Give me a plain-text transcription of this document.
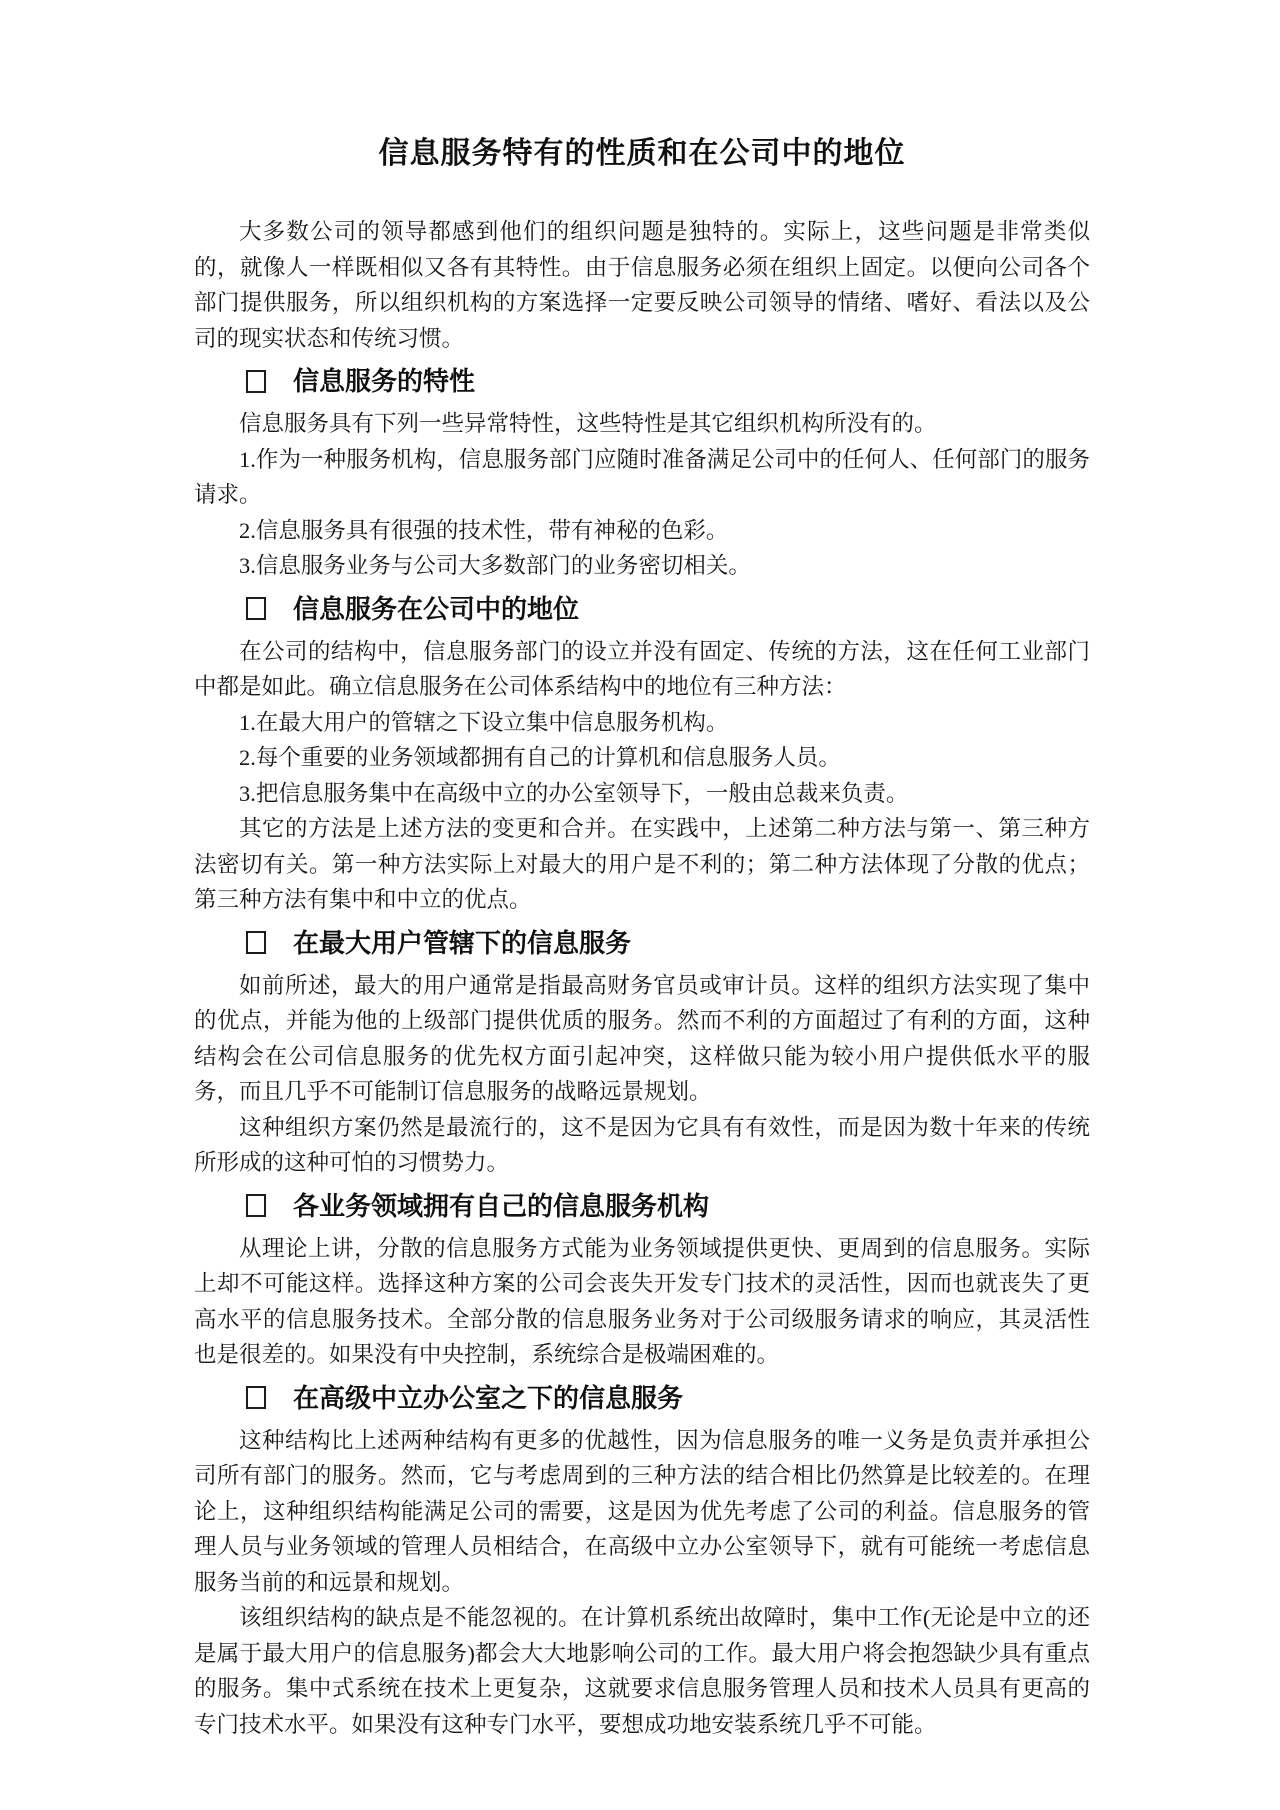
信息服务特有的性质和在公司中的地位

大多数公司的领导都感到他们的组织问题是独特的。实际上，这些问题是非常类似的，就像人一样既相似又各有其特性。由于信息服务必须在组织上固定。以便向公司各个部门提供服务，所以组织机构的方案选择一定要反映公司领导的情绪、嗜好、看法以及公司的现实状态和传统习惯。

信息服务的特性

信息服务具有下列一些异常特性，这些特性是其它组织机构所没有的。

1.作为一种服务机构，信息服务部门应随时准备满足公司中的任何人、任何部门的服务请求。

2.信息服务具有很强的技术性，带有神秘的色彩。

3.信息服务业务与公司大多数部门的业务密切相关。

信息服务在公司中的地位

在公司的结构中，信息服务部门的设立并没有固定、传统的方法，这在任何工业部门中都是如此。确立信息服务在公司体系结构中的地位有三种方法：

1.在最大用户的管辖之下设立集中信息服务机构。

2.每个重要的业务领域都拥有自己的计算机和信息服务人员。

3.把信息服务集中在高级中立的办公室领导下，一般由总裁来负责。

其它的方法是上述方法的变更和合并。在实践中，上述第二种方法与第一、第三种方法密切有关。第一种方法实际上对最大的用户是不利的；第二种方法体现了分散的优点；第三种方法有集中和中立的优点。

在最大用户管辖下的信息服务

如前所述，最大的用户通常是指最高财务官员或审计员。这样的组织方法实现了集中的优点，并能为他的上级部门提供优质的服务。然而不利的方面超过了有利的方面，这种结构会在公司信息服务的优先权方面引起冲突，这样做只能为较小用户提供低水平的服务，而且几乎不可能制订信息服务的战略远景规划。

这种组织方案仍然是最流行的，这不是因为它具有有效性，而是因为数十年来的传统所形成的这种可怕的习惯势力。

各业务领域拥有自己的信息服务机构

从理论上讲，分散的信息服务方式能为业务领域提供更快、更周到的信息服务。实际上却不可能这样。选择这种方案的公司会丧失开发专门技术的灵活性，因而也就丧失了更高水平的信息服务技术。全部分散的信息服务业务对于公司级服务请求的响应，其灵活性也是很差的。如果没有中央控制，系统综合是极端困难的。

在高级中立办公室之下的信息服务

这种结构比上述两种结构有更多的优越性，因为信息服务的唯一义务是负责并承担公司所有部门的服务。然而，它与考虑周到的三种方法的结合相比仍然算是比较差的。在理论上，这种组织结构能满足公司的需要，这是因为优先考虑了公司的利益。信息服务的管理人员与业务领域的管理人员相结合，在高级中立办公室领导下，就有可能统一考虑信息服务当前的和远景和规划。

该组织结构的缺点是不能忽视的。在计算机系统出故障时，集中工作(无论是中立的还是属于最大用户的信息服务)都会大大地影响公司的工作。最大用户将会抱怨缺少具有重点的服务。集中式系统在技术上更复杂，这就要求信息服务管理人员和技术人员具有更高的专门技术水平。如果没有这种专门水平，要想成功地安装系统几乎不可能。
